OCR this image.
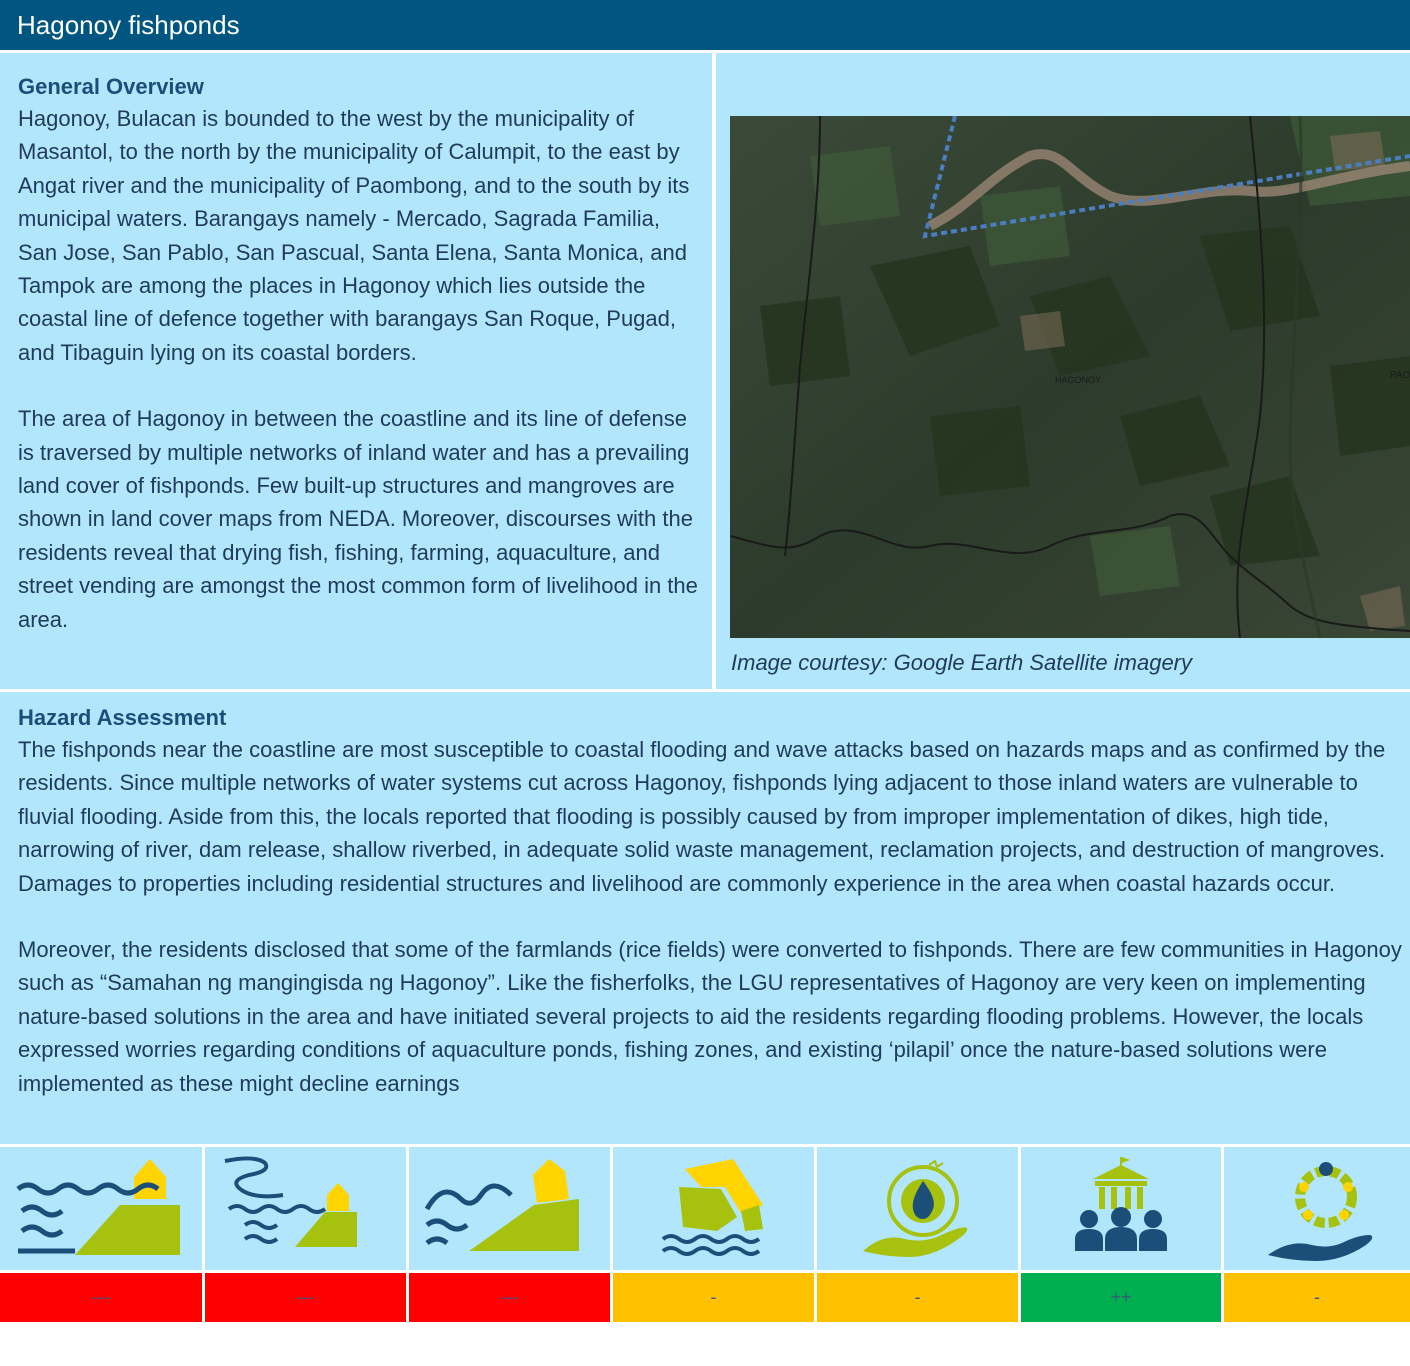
Hagonoy fishponds
General Overview

Hagonoy, Bulacan is bounded to the west by the municipality of Masantol, to the north by the municipality of Calumpit, to the east by Angat river and the municipality of Paombong, and to the south by its municipal waters. Barangays namely - Mercado, Sagrada Familia, San Jose, San Pablo, San Pascual, Santa Elena, Santa Monica, and Tampok are among the places in Hagonoy which lies outside the coastal line of defence together with barangays San Roque, Pugad, and Tibaguin lying on its coastal borders.

The area of Hagonoy in between the coastline and its line of defense is traversed by multiple networks of inland water and has a prevailing land cover of fishponds. Few built-up structures and mangroves are shown in land cover maps from NEDA. Moreover, discourses with the residents reveal that drying fish, fishing, farming, aquaculture, and street vending are amongst the most common form of livelihood in the area.

HAGONOY	PAO
Image courtesy: Google Earth Satellite imagery
Hazard Assessment

The fishponds near the coastline are most susceptible to coastal flooding and wave attacks based on hazards maps and as confirmed by the residents. Since multiple networks of water systems cut across Hagonoy, fishponds lying adjacent to those inland waters are vulnerable to fluvial flooding. Aside from this, the locals reported that flooding is possibly caused by from improper implementation of dikes, high tide, narrowing of river, dam release, shallow riverbed, in adequate solid waste management, reclamation projects, and destruction of mangroves. Damages to properties including residential structures and livelihood are commonly experience in the area when coastal hazards occur.

Moreover, the residents disclosed that some of the farmlands (rice fields) were converted to fishponds. There are few communities in Hagonoy such as “Samahan ng mangingisda ng Hagonoy”. Like the fisherfolks, the LGU representatives of Hagonoy are very keen on implementing nature-based solutions in the area and have initiated several projects to aid the residents regarding flooding problems. However, the locals expressed worries regarding conditions of aquaculture ponds, fishing zones, and existing ‘pilapil’ once the nature-based solutions were implemented as these might decline earnings

---	---	---	-	-	++	-
